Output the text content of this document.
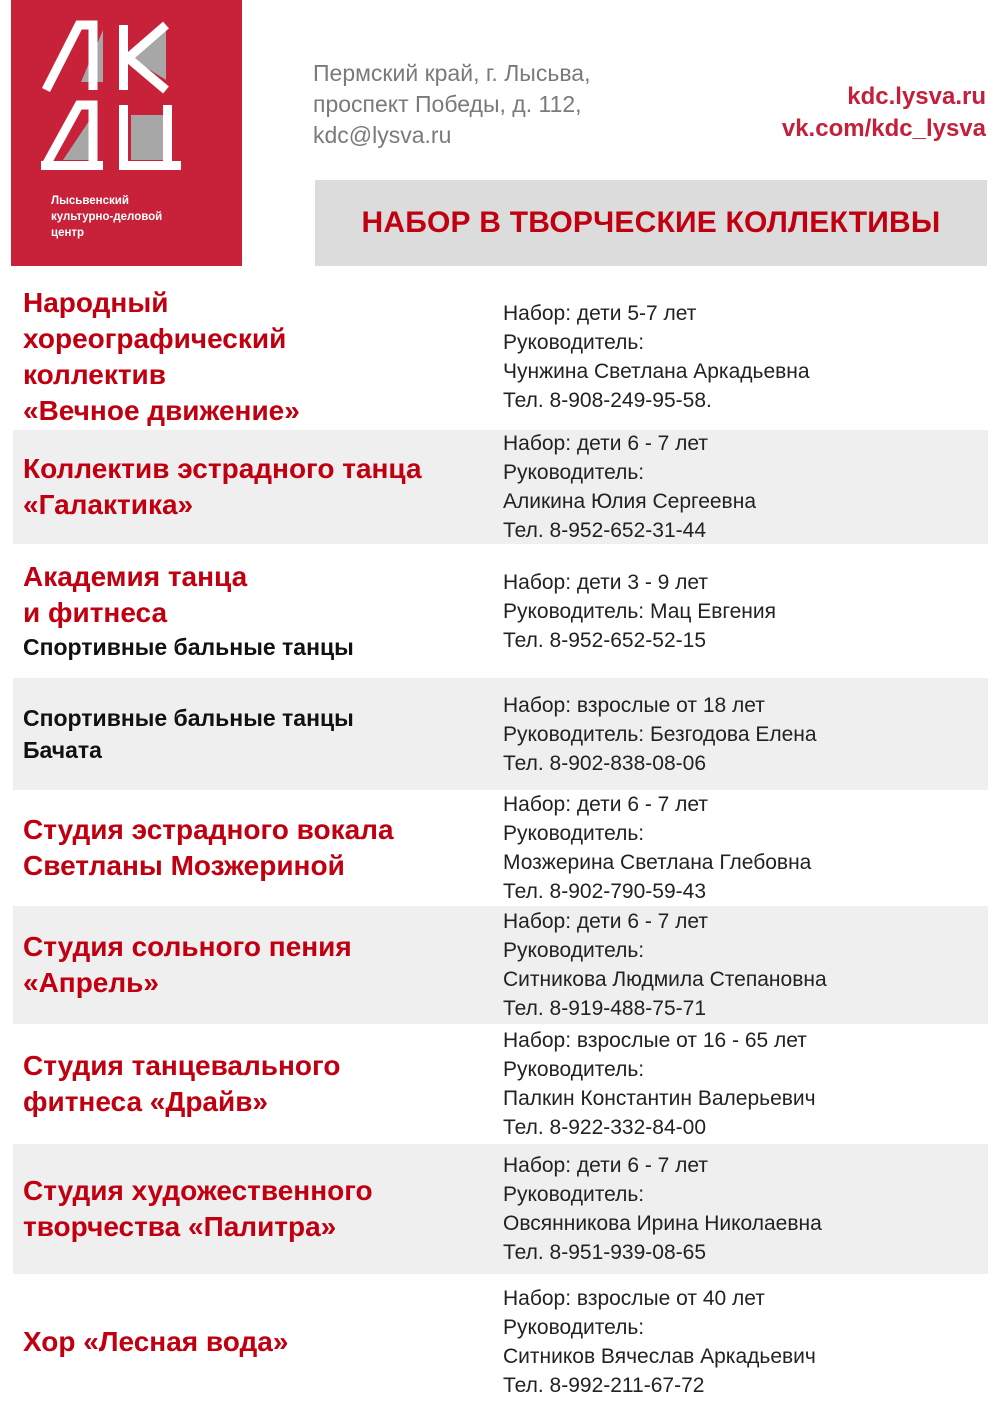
Лысьвенский
культурно-деловой
центр
Пермский край, г. Лысьва,
проспект Победы, д. 112,
kdc@lysva.ru
kdc.lysva.ru
vk.com/kdc_lysva
НАБОР В ТВОРЧЕСКИЕ КОЛЛЕКТИВЫ
Народный
хореографический
коллектив
«Вечное движение»
Набор: дети 5-7 лет
Руководитель:
Чунжина Светлана Аркадьевна
Тел. 8-908-249-95-58.
Коллектив эстрадного танца
«Галактика»
Набор: дети 6 - 7 лет
Руководитель:
Аликина Юлия Сергеевна
Тел. 8-952-652-31-44
Академия танца
и фитнеса
Спортивные бальные танцы
Набор: дети 3 - 9 лет
Руководитель: Мац Евгения
Тел. 8-952-652-52-15
Спортивные бальные танцы
Бачата
Набор: взрослые от 18 лет
Руководитель: Безгодова Елена
Тел. 8-902-838-08-06
Студия эстрадного вокала
Светланы Мозжериной
Набор: дети 6 - 7 лет
Руководитель:
Мозжерина Светлана Глебовна
Тел. 8-902-790-59-43
Студия сольного пения
«Апрель»
Набор: дети 6 - 7 лет
Руководитель:
Ситникова Людмила Степановна
Тел. 8-919-488-75-71
Студия танцевального
фитнеса «Драйв»
Набор: взрослые от 16 - 65 лет
Руководитель:
Палкин Константин Валерьевич
Тел. 8-922-332-84-00
Студия художественного
творчества «Палитра»
Набор: дети 6 - 7 лет
Руководитель:
Овсянникова Ирина Николаевна
Тел. 8-951-939-08-65
Хор «Лесная вода»
Набор: взрослые от 40 лет
Руководитель:
Ситников Вячеслав Аркадьевич
Тел. 8-992-211-67-72
